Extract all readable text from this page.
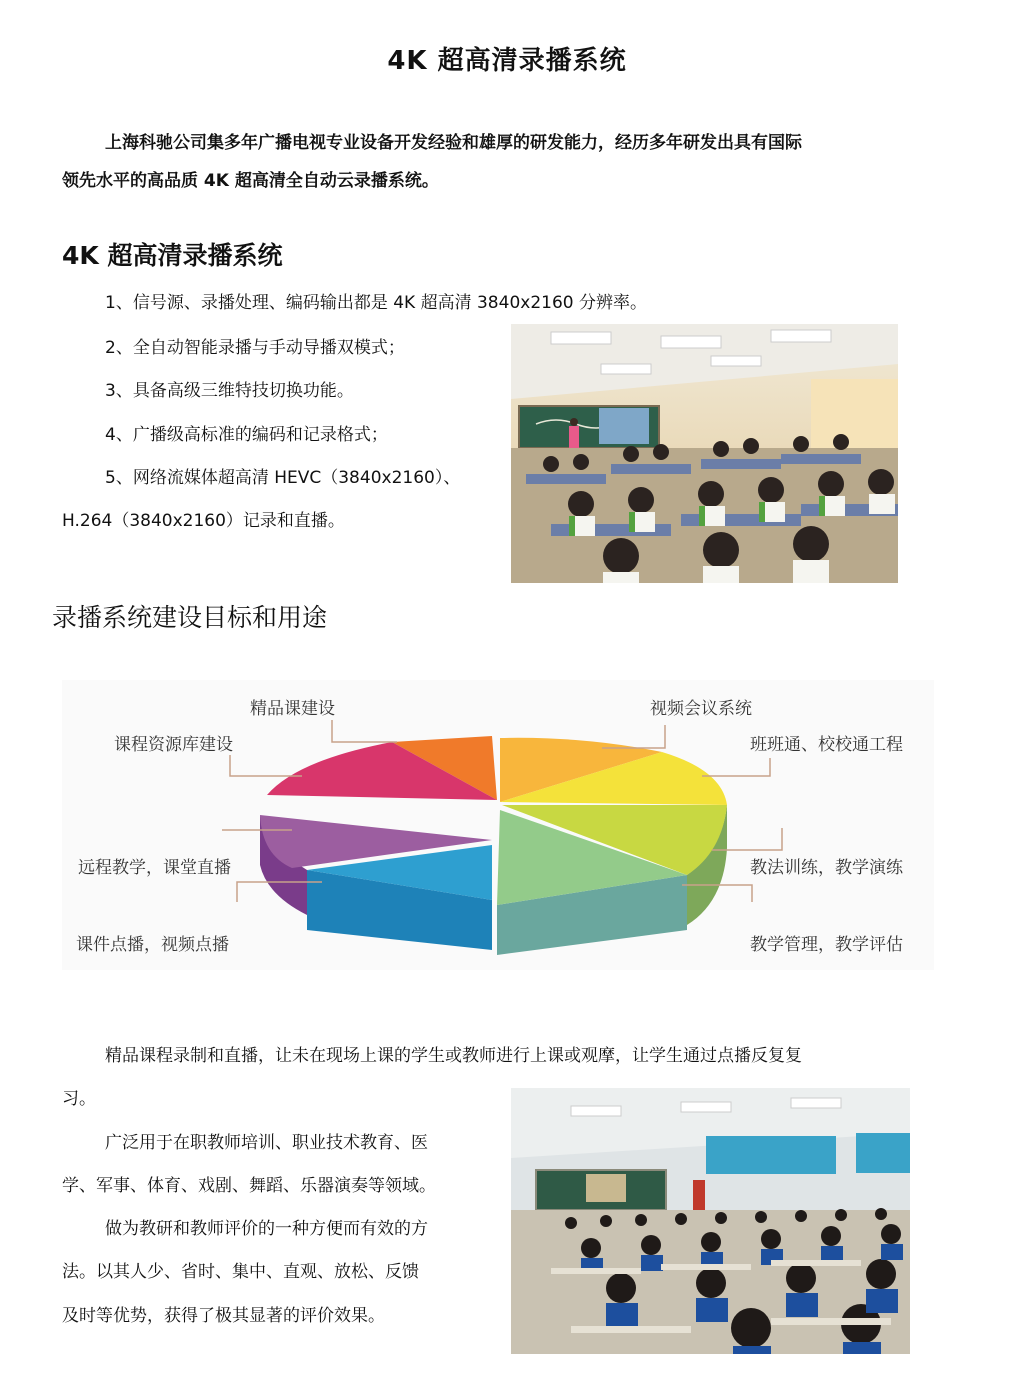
4K 超高清录播系统
上海科驰公司集多年广播电视专业设备开发经验和雄厚的研发能力，经历多年研发出具有国际
领先水平的高品质 4K 超高清全自动云录播系统。
4K 超高清录播系统
1、信号源、录播处理、编码输出都是 4K 超高清 3840x2160 分辨率。
2、全自动智能录播与手动导播双模式；
3、具备高级三维特技切换功能。
4、广播级高标准的编码和记录格式；
5、网络流媒体超高清 HEVC（3840x2160）、
H.264（3840x2160）记录和直播。
录播系统建设目标和用途
精品课建设
课程资源库建设
远程教学，课堂直播
课件点播，视频点播
视频会议系统
班班通、校校通工程
教法训练，教学演练
教学管理，教学评估
精品课程录制和直播，让未在现场上课的学生或教师进行上课或观摩，让学生通过点播反复复
习。
广泛用于在职教师培训、职业技术教育、医
学、军事、体育、戏剧、舞蹈、乐器演奏等领域。
做为教研和教师评价的一种方便而有效的方
法。以其人少、省时、集中、直观、放松、反馈
及时等优势，获得了极其显著的评价效果。
